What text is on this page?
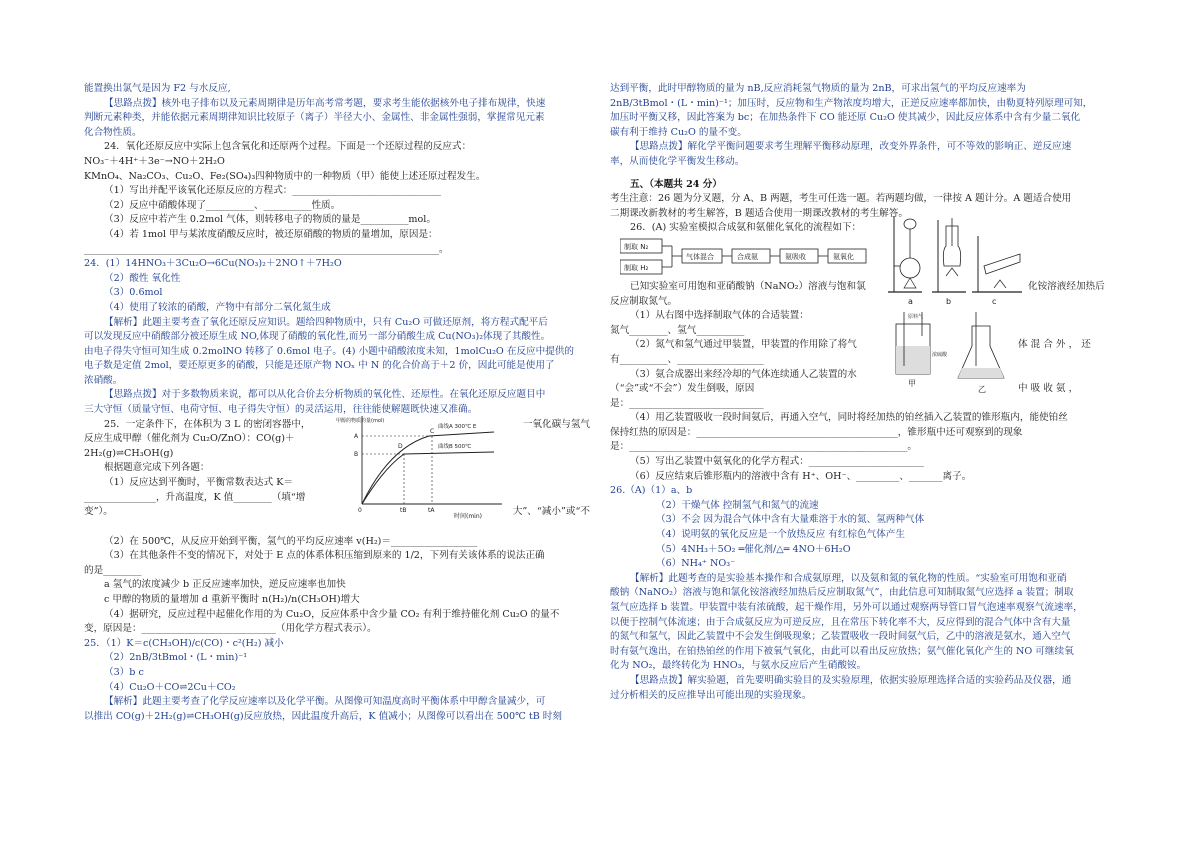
能置换出氯气是因为 F2 与水反应,
【思路点拨】核外电子排布以及元素周期律是历年高考常考题，要求考生能依据核外电子排布规律，快速
判断元素种类，并能依据元素周期律知识比较原子（离子）半径大小、金属性、非金属性强弱，掌握常见元素
化合物性质。
24．氧化还原反应中实际上包含氧化和还原两个过程。下面是一个还原过程的反应式：
NO₃⁻＋4H⁺＋3e⁻→NO＋2H₂O
KMnO₄、Na₂CO₃、Cu₂O、Fe₂(SO₄)₃四种物质中的一种物质（甲）能使上述还原过程发生。
（1）写出并配平该氧化还原反应的方程式：_______________________________
（2）反应中硝酸体现了__________、__________性质。
（3）反应中若产生 0.2mol 气体，则转移电子的物质的量是__________mol。
（4）若 1mol 甲与某浓度硝酸反应时，被还原硝酸的物质的量增加，原因是：
__________________________________________________________________________。
24．(1）14HNO₃＋3Cu₂O→6Cu(NO₃)₂＋2NO↑＋7H₂O
（2）酸性 氧化性
（3）0.6mol
（4）使用了较浓的硝酸，产物中有部分二氧化氮生成
【解析】此题主要考查了氧化还原反应知识。题给四种物质中，只有 Cu₂O 可做还原剂，将方程式配平后
可以发现反应中硝酸部分被还原生成 NO,体现了硝酸的氧化性,而另一部分硝酸生成 Cu(NO₃)₂体现了其酸性。
由电子得失守恒可知生成 0.2molNO 转移了 0.6mol 电子。(4) 小题中硝酸浓度未知，1molCu₂O 在反应中提供的
电子数是定值 2mol，要还原更多的硝酸，只能是还原产物 NOₓ 中 N 的化合价高于＋2 价，因此可能是使用了
浓硝酸。
【思路点拨】对于多数物质来说，都可以从化合价去分析物质的氧化性、还原性。在氧化还原反应题目中
三大守恒（质量守恒、电荷守恒、电子得失守恒）的灵活运用，往往能使解题既快速又准确。
25．一定条件下，在体积为 3 L 的密闭容器中，	一氧化碳与氢气
反应生成甲醇（催化剂为 Cu₂O/ZnO）：CO(g)＋
2H₂(g)⇌CH₃OH(g)
根据题意完成下列各题：
（1）反应达到平衡时，平衡常数表达式 K＝
_______________，升高温度，K 值________（填“增
大”、“减小”或“不
变”）。
甲醇的物质的量(mol)
时间(min)
曲线A 300℃ E
曲线B 500℃
C
D
B
A
0	tB	tA
（2）在 500℃，从反应开始到平衡，氢气的平均反应速率 v(H₂)＝__________________
（3）在其他条件不变的情况下，对处于 E 点的体系体积压缩到原来的 1/2，下列有关该体系的说法正确
的是________
a 氢气的浓度减少 b 正反应速率加快，逆反应速率也加快
c 甲醇的物质的量增加 d 重新平衡时 n(H₂)/n(CH₃OH)增大
（4）据研究，反应过程中起催化作用的为 Cu₂O，反应体系中含少量 CO₂ 有利于维持催化剂 Cu₂O 的量不
变，原因是：____________________________（用化学方程式表示）。
25．（1）K＝c(CH₃OH)/c(CO)・c²(H₂) 减小
（2）2nB/3tBmol・(L・min)⁻¹
（3）b c
（4）Cu₂O＋CO⇌2Cu＋CO₂
【解析】此题主要考查了化学反应速率以及化学平衡。从图像可知温度高时平衡体系中甲醇含量减少，可
以推出 CO(g)＋2H₂(g)⇌CH₃OH(g)反应放热，因此温度升高后，K 值减小；从图像可以看出在 500℃ tB 时刻
达到平衡，此时甲醇物质的量为 nB,反应消耗氢气物质的量为 2nB，可求出氢气的平均反应速率为
2nB/3tBmol・(L・min)⁻¹；加压时，反应物和生产物浓度均增大，正逆反应速率都加快，由勒夏特列原理可知，
加压时平衡又移，因此答案为 bc；在加热条件下 CO 能还原 Cu₂O 使其减少，因此反应体系中含有少量二氧化
碳有利于维持 Cu₂O 的量不变。
【思路点拨】解化学平衡问题要求考生理解平衡移动原理，改变外界条件，可不等效的影响正、逆反应速
率，从而使化学平衡发生移动。
五、（本题共 24 分）
考生注意：26 题为分叉题，分 A、B 两题，考生可任选一题。若两题均做，一律按 A 题计分。A 题适合使用
二期课改新教材的考生解答，B 题适合使用一期课改教材的考生解答。
26．(A) 实验室模拟合成氨和氨催化氧化的流程如下：
制取 N₂
制取 H₂
气体混合	合成氨	氨吸收	氨氧化
已知实验室可用饱和亚硝酸钠（NaNO₂）溶液与饱和氯
反应制取氮气。
（1）从右图中选择制取气体的合适装置：
氮气________、氢气__________
（2）氮气和氢气通过甲装置，甲装置的作用除了将气
有__________、__________________
（3）氨合成器出来经冷却的气体连续通人乙装置的水
（“会”或“不会”）发生倒吸，原因
是：____________________________
化铵溶液经加热后
体 混 合 外 ， 还
中 吸 收 氨 ，
a	b	c
原料气
浓硫酸
甲
乙
（4）用乙装置吸收一段时间氨后，再通入空气，同时将经加热的铂丝插入乙装置的锥形瓶内，能使铂丝
保持红热的原因是：__________________________________________，锥形瓶中还可观察到的现象
是：__________________________________________________________。
（5）写出乙装置中氨氧化的化学方程式：________________________
（6）反应结束后锥形瓶内的溶液中含有 H⁺、OH⁻、_________、_______离子。
26.（A)（1）a、b
（2）干燥气体 控制氢气和氮气的流速
（3）不会 因为混合气体中含有大量难溶于水的氮、氢两种气体
（4）说明氨的氧化反应是一个放热反应 有红棕色气体产生
（5）4NH₃＋5O₂ ═催化剂/△═ 4NO＋6H₂O
（6）NH₄⁺ NO₃⁻
【解析】此题考查的是实验基本操作和合成氨原理，以及氨和氮的氧化物的性质。“实验室可用饱和亚硝
酸钠（NaNO₂）溶液与饱和氯化铵溶液经加热后反应制取氮气”，由此信息可知制取氮气应选择 a 装置；制取
氢气应选择 b 装置。甲装置中装有浓硫酸，起干燥作用，另外可以通过观察两导管口冒气泡速率观察气流速率，
以便于控制气体流速；由于合成氨反应为可逆反应，且在常压下转化率不大，反应得到的混合气体中含有大量
的氮气和氢气，因此乙装置中不会发生倒吸现象；乙装置吸收一段时间氨气后，乙中的溶液是氨水，通入空气
时有氨气逸出，在铂热铂丝的作用下被氧气氧化，由此可以看出反应放热；氨气催化氧化产生的 NO 可继续氧
化为 NO₂，最终转化为 HNO₃，与氨水反应后产生硝酸铵。
【思路点拨】解实验题，首先要明确实验目的及实验原理，依据实验原理选择合适的实验药品及仪器，通
过分析相关的反应推导出可能出现的实验现象。
